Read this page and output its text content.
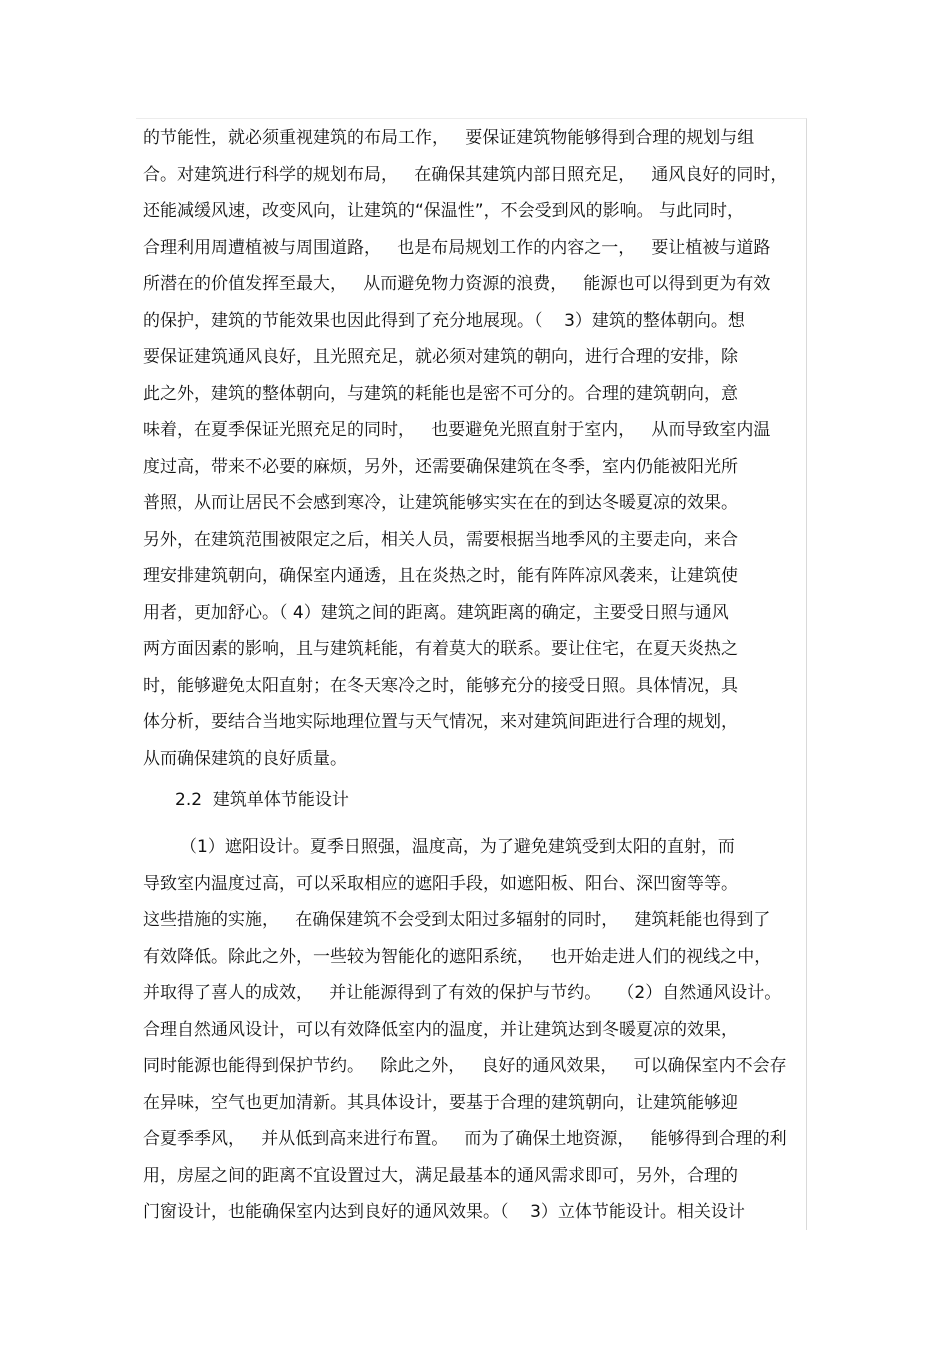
的节能性，就必须重视建筑的布局工作，   要保证建筑物能够得到合理的规划与组
合。对建筑进行科学的规划布局，   在确保其建筑内部日照充足，   通风良好的同时，
还能减缓风速，改变风向，让建筑的“保温性”，不会受到风的影响。 与此同时，
合理利用周遭植被与周围道路，   也是布局规划工作的内容之一，   要让植被与道路
所潜在的价值发挥至最大，   从而避免物力资源的浪费，   能源也可以得到更为有效
的保护，建筑的节能效果也因此得到了充分地展现。（    3）建筑的整体朝向。想
要保证建筑通风良好，且光照充足，就必须对建筑的朝向，进行合理的安排，除
此之外，建筑的整体朝向，与建筑的耗能也是密不可分的。合理的建筑朝向，意
味着，在夏季保证光照充足的同时，   也要避免光照直射于室内，   从而导致室内温
度过高，带来不必要的麻烦，另外，还需要确保建筑在冬季，室内仍能被阳光所
普照，从而让居民不会感到寒冷，让建筑能够实实在在的到达冬暖夏凉的效果。
另外，在建筑范围被限定之后，相关人员，需要根据当地季风的主要走向，来合
理安排建筑朝向，确保室内通透，且在炎热之时，能有阵阵凉风袭来，让建筑使
用者，更加舒心。（ 4）建筑之间的距离。建筑距离的确定，主要受日照与通风
两方面因素的影响，且与建筑耗能，有着莫大的联系。要让住宅，在夏天炎热之
时，能够避免太阳直射；在冬天寒冷之时，能够充分的接受日照。具体情况，具
体分析，要结合当地实际地理位置与天气情况，来对建筑间距进行合理的规划，
从而确保建筑的良好质量。
2.2  建筑单体节能设计
（1）遮阳设计。夏季日照强，温度高，为了避免建筑受到太阳的直射，而
导致室内温度过高，可以采取相应的遮阳手段，如遮阳板、阳台、深凹窗等等。
这些措施的实施，   在确保建筑不会受到太阳过多辐射的同时，   建筑耗能也得到了
有效降低。除此之外，一些较为智能化的遮阳系统，   也开始走进人们的视线之中，
并取得了喜人的成效，   并让能源得到了有效的保护与节约。   （2）自然通风设计。
合理自然通风设计，可以有效降低室内的温度，并让建筑达到冬暖夏凉的效果，
同时能源也能得到保护节约。   除此之外，   良好的通风效果，   可以确保室内不会存
在异味，空气也更加清新。其具体设计，要基于合理的建筑朝向，让建筑能够迎
合夏季季风，   并从低到高来进行布置。   而为了确保土地资源，   能够得到合理的利
用，房屋之间的距离不宜设置过大，满足最基本的通风需求即可，另外，合理的
门窗设计，也能确保室内达到良好的通风效果。（    3）立体节能设计。相关设计
